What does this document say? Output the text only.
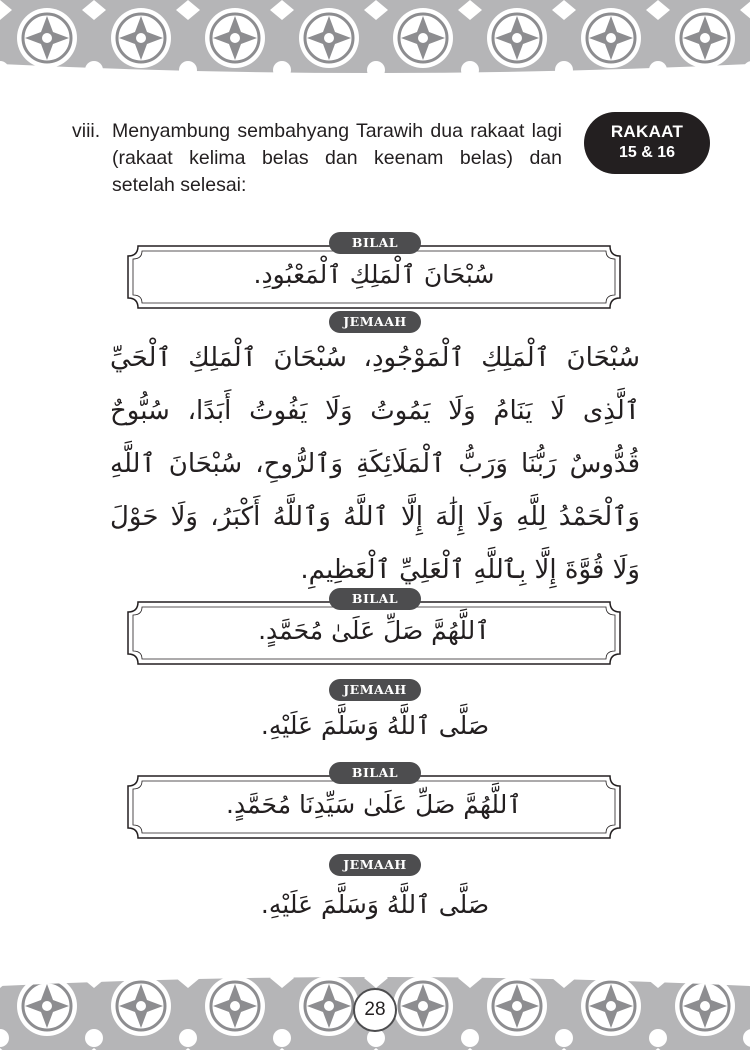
viii. Menyambung sembahyang Tarawih dua rakaat lagi (rakaat kelima belas dan keenam belas) dan setelah selesai:

RAKAAT
15 & 16
سُبْحَانَ ٱلْمَلِكِ ٱلْمَعْبُودِ.
BILAL
JEMAAH
سُبْحَانَ ٱلْمَلِكِ ٱلْمَوْجُودِ، سُبْحَانَ ٱلْمَلِكِ ٱلْحَيِّ ٱلَّذِى لَا يَنَامُ وَلَا يَمُوتُ وَلَا يَفُوتُ أَبَدًا، سُبُّوحٌ قُدُّوسٌ رَبُّنَا وَرَبُّ ٱلْمَلَائِكَةِ وَٱلرُّوحِ، سُبْحَانَ ٱللَّهِ وَٱلْحَمْدُ لِلَّهِ وَلَا إِلَٰهَ إِلَّا ٱللَّهُ وَٱللَّهُ أَكْبَرُ، وَلَا حَوْلَ وَلَا قُوَّةَ إِلَّا بِٱللَّهِ ٱلْعَلِيِّ ٱلْعَظِيمِ.
ٱللَّهُمَّ صَلِّ عَلَىٰ مُحَمَّدٍ.
BILAL
JEMAAH
صَلَّى ٱللَّهُ وَسَلَّمَ عَلَيْهِ.
ٱللَّهُمَّ صَلِّ عَلَىٰ سَيِّدِنَا مُحَمَّدٍ.
BILAL
JEMAAH
صَلَّى ٱللَّهُ وَسَلَّمَ عَلَيْهِ.
28
